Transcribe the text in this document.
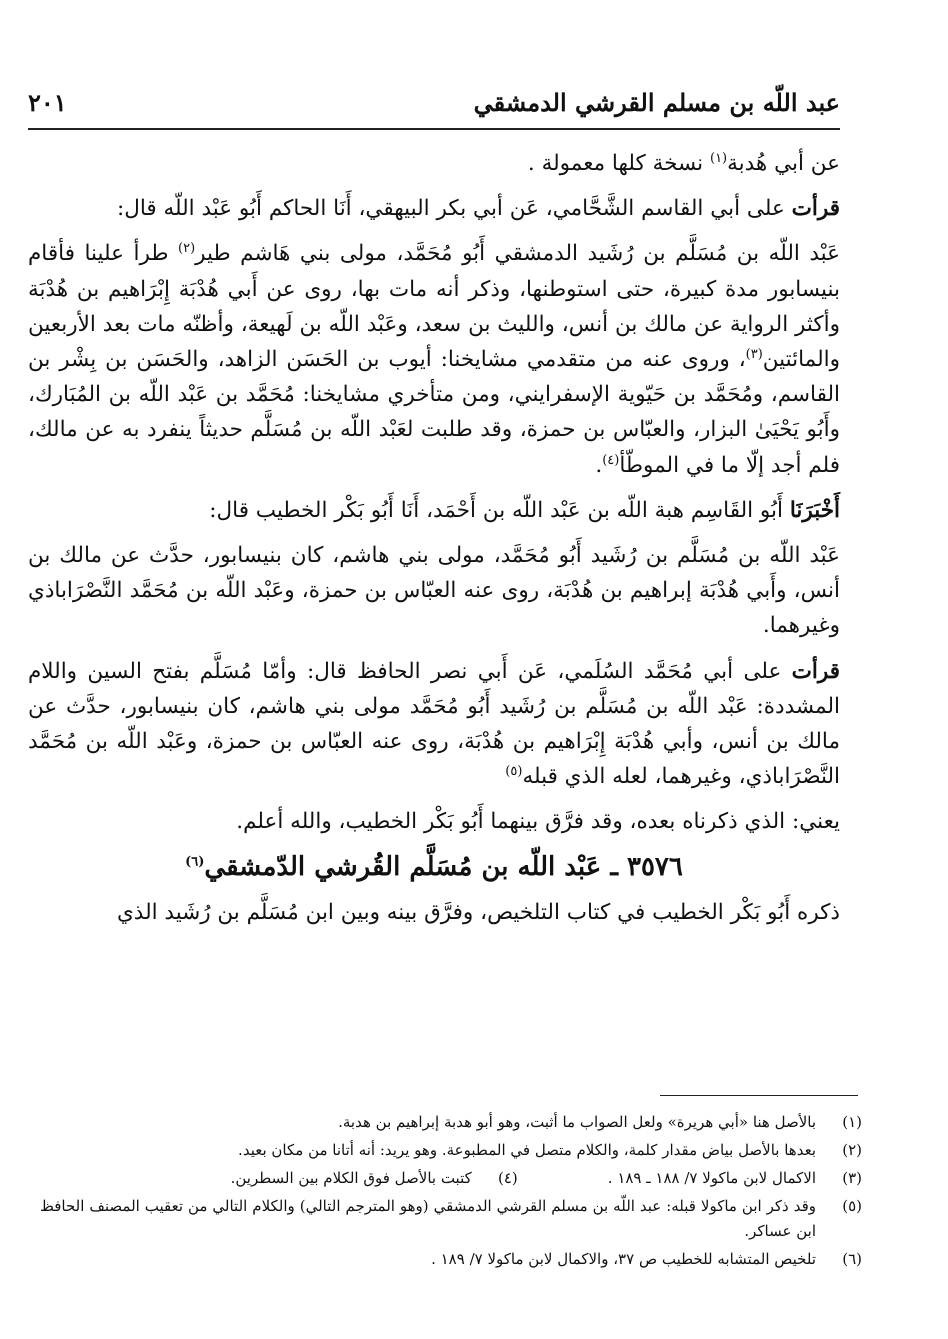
عبد اللّه بن مسلم القرشي الدمشقي
٢٠١

عن أبي هُدبة$^{(١)}$ نسخة كلها معمولة .

قرأت على أبي القاسم الشَّحَّامي، عَن أبي بكر البيهقي، أَنَا الحاكم أَبُو عَبْد اللّه قال:

عَبْد اللّه بن مُسَلَّم بن رُشَيد الدمشقي أَبُو مُحَمَّد، مولى بني هَاشم طير$^{(٢)}$ طرأ علينا فأقام بنيسابور مدة كبيرة، حتى استوطنها، وذكر أنه مات بها، روى عن أَبي هُدْبَة إِبْرَاهيم بن هُدْبَة وأكثر الرواية عن مالك بن أنس، والليث بن سعد، وعَبْد اللّه بن لَهيعة، وأظنّه مات بعد الأربعين والمائتين$^{(٣)}$، وروى عنه من متقدمي مشايخنا: أيوب بن الحَسَن الزاهد، والحَسَن بن بِشْر بن القاسم، ومُحَمَّد بن حَيّوية الإسفرايني، ومن متأخري مشايخنا: مُحَمَّد بن عَبْد اللّه بن المُبَارك، وأَبُو يَحْيَىٰ البزار، والعبّاس بن حمزة، وقد طلبت لعَبْد اللّه بن مُسَلَّم حديثاً ينفرد به عن مالك، فلم أجد إلّا ما في الموطّأ$^{(٤)}$.

أَخْبَرَنَا أَبُو القَاسِم هبة اللّه بن عَبْد اللّه بن أَحْمَد، أَنَا أَبُو بَكْر الخطيب قال:

عَبْد اللّه بن مُسَلَّم بن رُشَيد أَبُو مُحَمَّد، مولى بني هاشم، كان بنيسابور، حدَّث عن مالك بن أنس، وأَبي هُدْبَة إبراهيم بن هُدْبَة، روى عنه العبّاس بن حمزة، وعَبْد اللّه بن مُحَمَّد النَّصْرَاباذي وغيرهما.

قرأت على أبي مُحَمَّد السُلَمي، عَن أَبي نصر الحافظ قال: وأمّا مُسَلَّم بفتح السين واللام المشددة: عَبْد اللّه بن مُسَلَّم بن رُشَيد أَبُو مُحَمَّد مولى بني هاشم، كان بنيسابور، حدَّث عن مالك بن أنس، وأبي هُدْبَة إِبْرَاهيم بن هُدْبَة، روى عنه العبّاس بن حمزة، وعَبْد اللّه بن مُحَمَّد النَّصْرَاباذي، وغيرهما، لعله الذي قبله$^{(٥)}$

يعني: الذي ذكرناه بعده، وقد فرَّق بينهما أَبُو بَكْر الخطيب، والله أعلم.

٣٥٧٦ ـ عَبْد اللّه بن مُسَلَّم القُرشي الدّمشقي$^{(٦)}$

ذكره أَبُو بَكْر الخطيب في كتاب التلخيص، وفرَّق بينه وبين ابن مُسَلَّم بن رُشَيد الذي

(١)
بالأصل هنا «أبي هريرة» ولعل الصواب ما أثبت، وهو أبو هدبة إبراهيم بن هدبة.
(٢)
بعدها بالأصل بياض مقدار كلمة، والكلام متصل في المطبوعة. وهو يريد: أنه أتانا من مكان بعيد.
(٣)
الاكمال لابن ماكولا ٧/ ١٨٨ ـ ١٨٩ .
(٤)
كتبت بالأصل فوق الكلام بين السطرين.
(٥)
وقد ذكر ابن ماكولا قبله: عبد اللّه بن مسلم القرشي الدمشقي (وهو المترجم التالي) والكلام التالي من تعقيب المصنف الحافظ ابن عساكر.
(٦)
تلخيص المتشابه للخطيب ص ٣٧، والاكمال لابن ماكولا ٧/ ١٨٩ .
